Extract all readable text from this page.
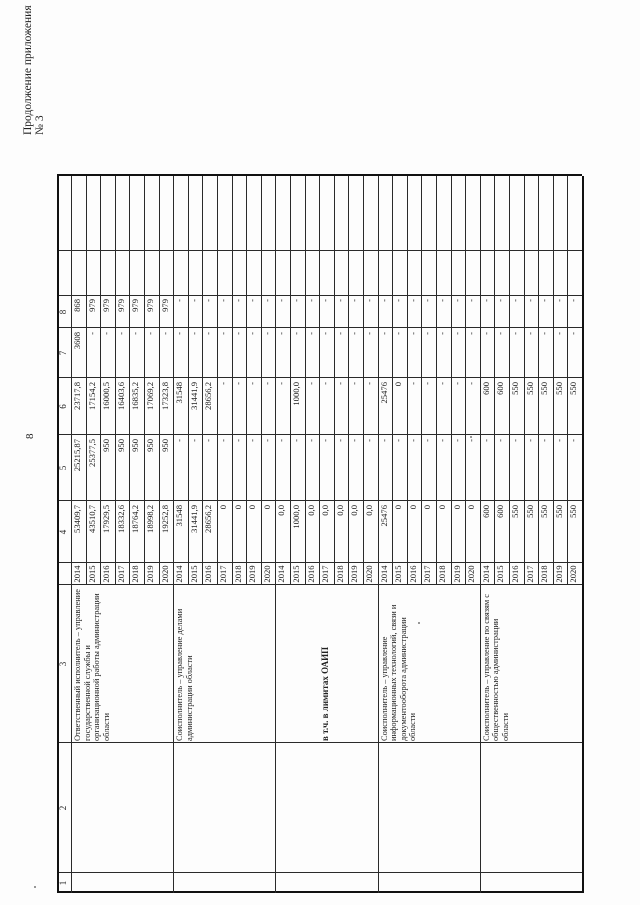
8
Продолжение приложения № 3
1
2
3
4
5
6
7
8
Ответственный исполнитель – управление государственной службы и организационной работы администрации области
2014
53409,7
25215,87
23717,8
3608
868
2015
43510,7
25377,5
17154,2
-
979
2016
17929,5
950
16000,5
-
979
2017
18332,6
950
16403,6
-
979
2018
18764,2
950
16835,2
-
979
2019
18998,2
950
17069,2
-
979
2020
19252,8
950
17323,8
-
979
Соисполнитель – управление делами администрации области
2014
31548
-
31548
-
-
2015
31441,9
-
31441,9
-
-
2016
28656,2
-
28656,2
-
-
2017
0
-
-
-
-
2018
0
-
-
-
-
2019
0
-
-
-
-
2020
0
-
-
-
-
в т.ч. в лимитах ОАИП
2014
0,0
-
-
-
-
2015
1000,0
-
1000,0
-
-
2016
0,0
-
-
-
-
2017
0,0
-
-
-
-
2018
0,0
-
-
-
-
2019
0,0
-
-
-
-
2020
0,0
-
-
-
-
Соисполнитель – управление информационных технологий, связи и документооборота администрации области
2014
25476
-
25476
-
-
2015
0
-
0
-
-
2016
0
-
-
-
-
2017
0
-
-
-
-
2018
0
-
-
-
-
2019
0
-
-
-
-
2020
0
-
-
-
-
Соисполнитель – управление по связям с общественностью администрации области
2014
600
-
600
-
-
2015
600
-
600
-
-
2016
550
-
550
-
-
2017
550
-
550
-
-
2018
550
-
550
-
-
2019
550
-
550
-
-
2020
550
-
550
-
-
